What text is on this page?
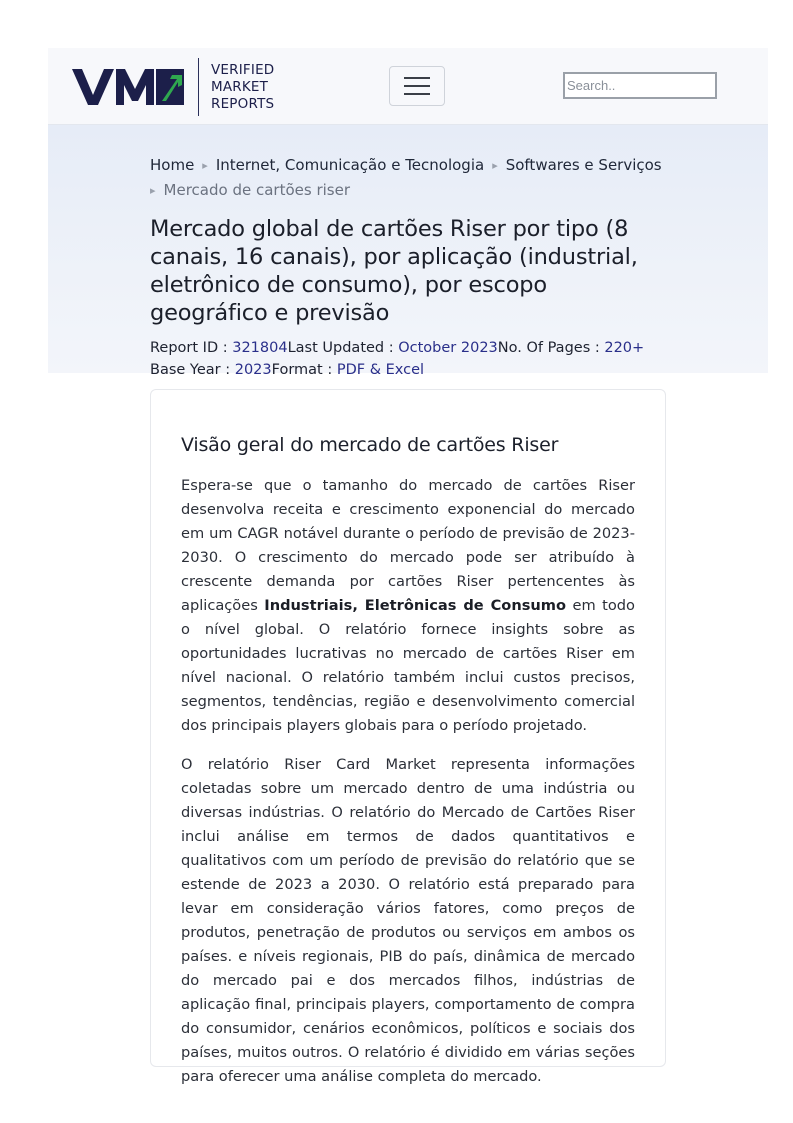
VERIFIED
MARKET
REPORTS
Search..
Home ▸ Internet, Comunicação e Tecnologia ▸ Softwares e Serviços
▸ Mercado de cartões riser
Mercado global de cartões Riser por tipo (8 canais, 16 canais), por aplicação (industrial, eletrônico de consumo), por escopo geográfico e previsão
Report ID : 321804Last Updated : October 2023No. Of Pages : 220+
Base Year : 2023Format : PDF & Excel
Visão geral do mercado de cartões Riser

Espera-se que o tamanho do mercado de cartões Riser desenvolva receita e crescimento exponencial do mercado em um CAGR notável durante o período de previsão de 2023-2030. O crescimento do mercado pode ser atribuído à crescente demanda por cartões Riser pertencentes às aplicações Industriais, Eletrônicas de Consumo em todo o nível global. O relatório fornece insights sobre as oportunidades lucrativas no mercado de cartões Riser em nível nacional. O relatório também inclui custos precisos, segmentos, tendências, região e desenvolvimento comercial dos principais players globais para o período projetado.

O relatório Riser Card Market representa informações coletadas sobre um mercado dentro de uma indústria ou diversas indústrias. O relatório do Mercado de Cartões Riser inclui análise em termos de dados quantitativos e qualitativos com um período de previsão do relatório que se estende de 2023 a 2030. O relatório está preparado para levar em consideração vários fatores, como preços de produtos, penetração de produtos ou serviços em ambos os países. e níveis regionais, PIB do país, dinâmica de mercado do mercado pai e dos mercados filhos, indústrias de aplicação final, principais players, comportamento de compra do consumidor, cenários econômicos, políticos e sociais dos países, muitos outros. O relatório é dividido em várias seções para oferecer uma análise completa do mercado.
